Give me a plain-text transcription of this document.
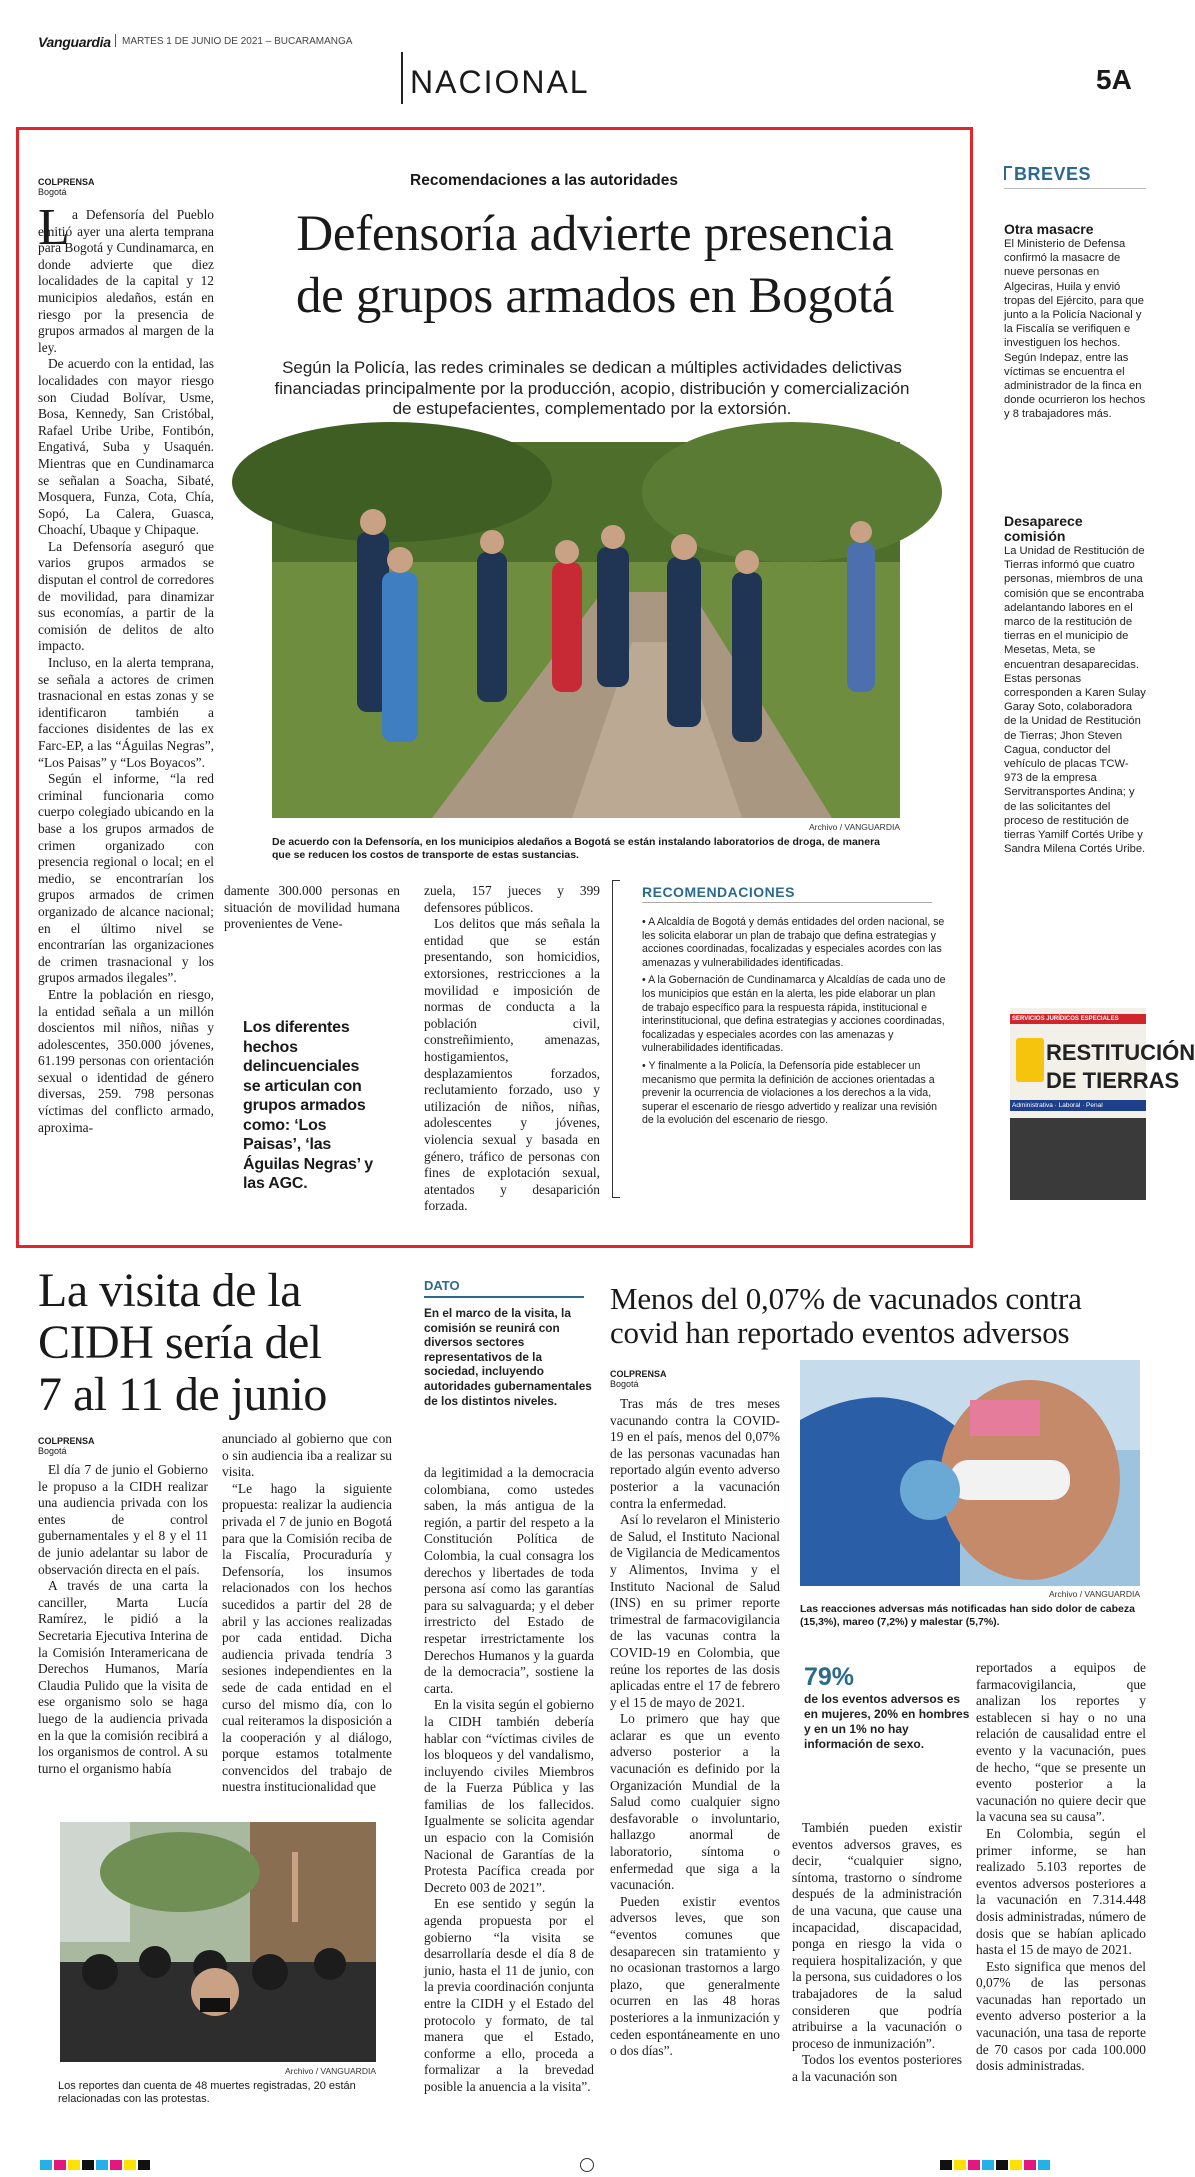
Vanguardia MARTES 1 DE JUNIO DE 2021 – BUCARAMANGA
NACIONAL	5A
COLPRENSA
Bogotá
Recomendaciones a las autoridades
Defensoría advierte presencia
de grupos armados en Bogotá
Según la Policía, las redes criminales se dedican a múltiples actividades delictivas financiadas principalmente por la producción, acopio, distribución y comercialización de estupefacientes, complementado por la extorsión.
L a Defensoría del Pueblo emitió ayer una alerta temprana para Bogotá y Cundinamarca, en donde advierte que diez localidades de la capital y 12 municipios aledaños, están en riesgo por la presencia de grupos armados al margen de la ley.

De acuerdo con la entidad, las localidades con mayor riesgo son Ciudad Bolívar, Usme, Bosa, Kennedy, San Cristóbal, Rafael Uribe Uribe, Fontibón, Engativá, Suba y Usaquén. Mientras que en Cundinamarca se señalan a Soacha, Sibaté, Mosquera, Funza, Cota, Chía, Sopó, La Calera, Guasca, Choachí, Ubaque y Chipaque.

La Defensoría aseguró que varios grupos armados se disputan el control de corredores de movilidad, para dinamizar sus economías, a partir de la comisión de delitos de alto impacto.

Incluso, en la alerta temprana, se señala a actores de crimen trasnacional en estas zonas y se identificaron también a facciones disidentes de las ex Farc-EP, a las “Águilas Negras”, “Los Paisas” y “Los Boyacos”.

Según el informe, “la red criminal funcionaria como cuerpo colegiado ubicando en la base a los grupos armados de crimen organizado con presencia regional o local; en el medio, se encontrarían los grupos armados de crimen organizado de alcance nacional; en el último nivel se encontrarían las organizaciones de crimen trasnacional y los grupos armados ilegales”.

Entre la población en riesgo, la entidad señala a un millón doscientos mil niños, niñas y adolescentes, 350.000 jóvenes, 61.199 personas con orientación sexual o identidad de género diversas, 259. 798 personas víctimas del conflicto armado, aproxima-

Archivo / VANGUARDIA
De acuerdo con la Defensoría, en los municipios aledaños a Bogotá se están instalando laboratorios de droga, de manera que se reducen los costos de transporte de estas sustancias.

damente 300.000 personas en situación de movilidad humana provenientes de Vene-

Los diferentes hechos delincuenciales se articulan con grupos armados como: ‘Los Paisas’, ‘las Águilas Negras’ y las AGC.

zuela, 157 jueces y 399 defensores públicos.

Los delitos que más señala la entidad que se están presentando, son homicidios, extorsiones, restricciones a la movilidad e imposición de normas de conducta a la población civil, constreñimiento, amenazas, hostigamientos, desplazamientos forzados, reclutamiento forzado, uso y utilización de niños, niñas, adolescentes y jóvenes, violencia sexual y basada en género, tráfico de personas con fines de explotación sexual, atentados y desaparición forzada.

RECOMENDACIONES
• A Alcaldía de Bogotá y demás entidades del orden nacional, se les solicita elaborar un plan de trabajo que defina estrategias y acciones coordinadas, focalizadas y especiales acordes con las amenazas y vulnerabilidades identificadas.
• A la Gobernación de Cundinamarca y Alcaldías de cada uno de los municipios que están en la alerta, les pide elaborar un plan de trabajo específico para la respuesta rápida, institucional e interinstitucional, que defina estrategias y acciones coordinadas, focalizadas y especiales acordes con las amenazas y vulnerabilidades identificadas.
• Y finalmente a la Policía, la Defensoría pide establecer un mecanismo que permita la definición de acciones orientadas a prevenir la ocurrencia de violaciones a los derechos a la vida, superar el escenario de riesgo advertido y realizar una revisión de la evolución del escenario de riesgo.
BREVES
Otra masacre
El Ministerio de Defensa confirmó la masacre de nueve personas en Algeciras, Huila y envió tropas del Ejército, para que junto a la Policía Nacional y la Fiscalía se verifiquen e investiguen los hechos. Según Indepaz, entre las víctimas se encuentra el administrador de la finca en donde ocurrieron los hechos y 8 trabajadores más.
Desaparece comisión
La Unidad de Restitución de Tierras informó que cuatro personas, miembros de una comisión que se encontraba adelantando labores en el marco de la restitución de tierras en el municipio de Mesetas, Meta, se encuentran desaparecidas. Estas personas corresponden a Karen Sulay Garay Soto, colaboradora de la Unidad de Restitución de Tierras; Jhon Steven Cagua, conductor del vehículo de placas TCW-973 de la empresa Servitransportes Andina; y de las solicitantes del proceso de restitución de tierras Yamilf Cortés Uribe y Sandra Milena Cortés Uribe.
SERVICIOS JURÍDICOS ESPECIALES
RESTITUCIÓN
DE TIERRAS
Administrativa · Laboral · Penal
La visita de la CIDH sería del 7 al 11 de junio
COLPRENSA
Bogotá

El día 7 de junio el Gobierno le propuso a la CIDH realizar una audiencia privada con los entes de control gubernamentales y el 8 y el 11 de junio adelantar su labor de observación directa en el país.

A través de una carta la canciller, Marta Lucía Ramírez, le pidió a la Secretaria Ejecutiva Interina de la Comisión Interamericana de Derechos Humanos, María Claudia Pulido que la visita de ese organismo solo se haga luego de la audiencia privada en la que la comisión recibirá a los organismos de control. A su turno el organismo había

anunciado al gobierno que con o sin audiencia iba a realizar su visita.

“Le hago la siguiente propuesta: realizar la audiencia privada el 7 de junio en Bogotá para que la Comisión reciba de la Fiscalía, Procuraduría y Defensoría, los insumos relacionados con los hechos sucedidos a partir del 28 de abril y las acciones realizadas por cada entidad. Dicha audiencia privada tendría 3 sesiones independientes en la sede de cada entidad en el curso del mismo día, con lo cual reiteramos la disposición a la cooperación y al diálogo, porque estamos totalmente convencidos del trabajo de nuestra institucionalidad que

DATO
En el marco de la visita, la comisión se reunirá con diversos sectores representativos de la sociedad, incluyendo autoridades gubernamentales de los distintos niveles.

da legitimidad a la democracia colombiana, como ustedes saben, la más antigua de la región, a partir del respeto a la Constitución Política de Colombia, la cual consagra los derechos y libertades de toda persona así como las garantías para su salvaguarda; y el deber irrestricto del Estado de respetar irrestrictamente los Derechos Humanos y la guarda de la democracia”, sostiene la carta.

En la visita según el gobierno la CIDH también debería hablar con “víctimas civiles de los bloqueos y del vandalismo, incluyendo civiles Miembros de la Fuerza Pública y las familias de los fallecidos. Igualmente se solicita agendar un espacio con la Comisión Nacional de Garantías de la Protesta Pacífica creada por Decreto 003 de 2021”.

En ese sentido y según la agenda propuesta por el gobierno “la visita se desarrollaría desde el día 8 de junio, hasta el 11 de junio, con la previa coordinación conjunta entre la CIDH y el Estado del protocolo y formato, de tal manera que el Estado, conforme a ello, proceda a formalizar a la brevedad posible la anuencia a la visita”.

Archivo / VANGUARDIA
Los reportes dan cuenta de 48 muertes registradas, 20 están relacionadas con las protestas.
Menos del 0,07% de vacunados contra covid han reportado eventos adversos
COLPRENSA
Bogotá

Tras más de tres meses vacunando contra la COVID-19 en el país, menos del 0,07% de las personas vacunadas han reportado algún evento adverso posterior a la vacunación contra la enfermedad.

Así lo revelaron el Ministerio de Salud, el Instituto Nacional de Vigilancia de Medicamentos y Alimentos, Invima y el Instituto Nacional de Salud (INS) en su primer reporte trimestral de farmacovigilancia de las vacunas contra la COVID-19 en Colombia, que reúne los reportes de las dosis aplicadas entre el 17 de febrero y el 15 de mayo de 2021.

Lo primero que hay que aclarar es que un evento adverso posterior a la vacunación es definido por la Organización Mundial de la Salud como cualquier signo desfavorable o involuntario, hallazgo anormal de laboratorio, síntoma o enfermedad que siga a la vacunación.

Pueden existir eventos adversos leves, que son “eventos comunes que desaparecen sin tratamiento y no ocasionan trastornos a largo plazo, que generalmente ocurren en las 48 horas posteriores a la inmunización y ceden espontáneamente en uno o dos días”.

Archivo / VANGUARDIA
Las reacciones adversas más notificadas han sido dolor de cabeza (15,3%), mareo (7,2%) y malestar (5,7%).
79%
de los eventos adversos es en mujeres, 20% en hombres y en un 1% no hay información de sexo.

También pueden existir eventos adversos graves, es decir, “cualquier signo, síntoma, trastorno o síndrome después de la administración de una vacuna, que cause una incapacidad, discapacidad, ponga en riesgo la vida o requiera hospitalización, y que la persona, sus cuidadores o los trabajadores de la salud consideren que podría atribuirse a la vacunación o proceso de inmunización”.

Todos los eventos posteriores a la vacunación son

reportados a equipos de farmacovigilancia, que analizan los reportes y establecen si hay o no una relación de causalidad entre el evento y la vacunación, pues de hecho, “que se presente un evento posterior a la vacunación no quiere decir que la vacuna sea su causa”.

En Colombia, según el primer informe, se han realizado 5.103 reportes de eventos adversos posteriores a la vacunación en 7.314.448 dosis administradas, número de dosis que se habían aplicado hasta el 15 de mayo de 2021.

Esto significa que menos del 0,07% de las personas vacunadas han reportado un evento adverso posterior a la vacunación, una tasa de reporte de 70 casos por cada 100.000 dosis administradas.
